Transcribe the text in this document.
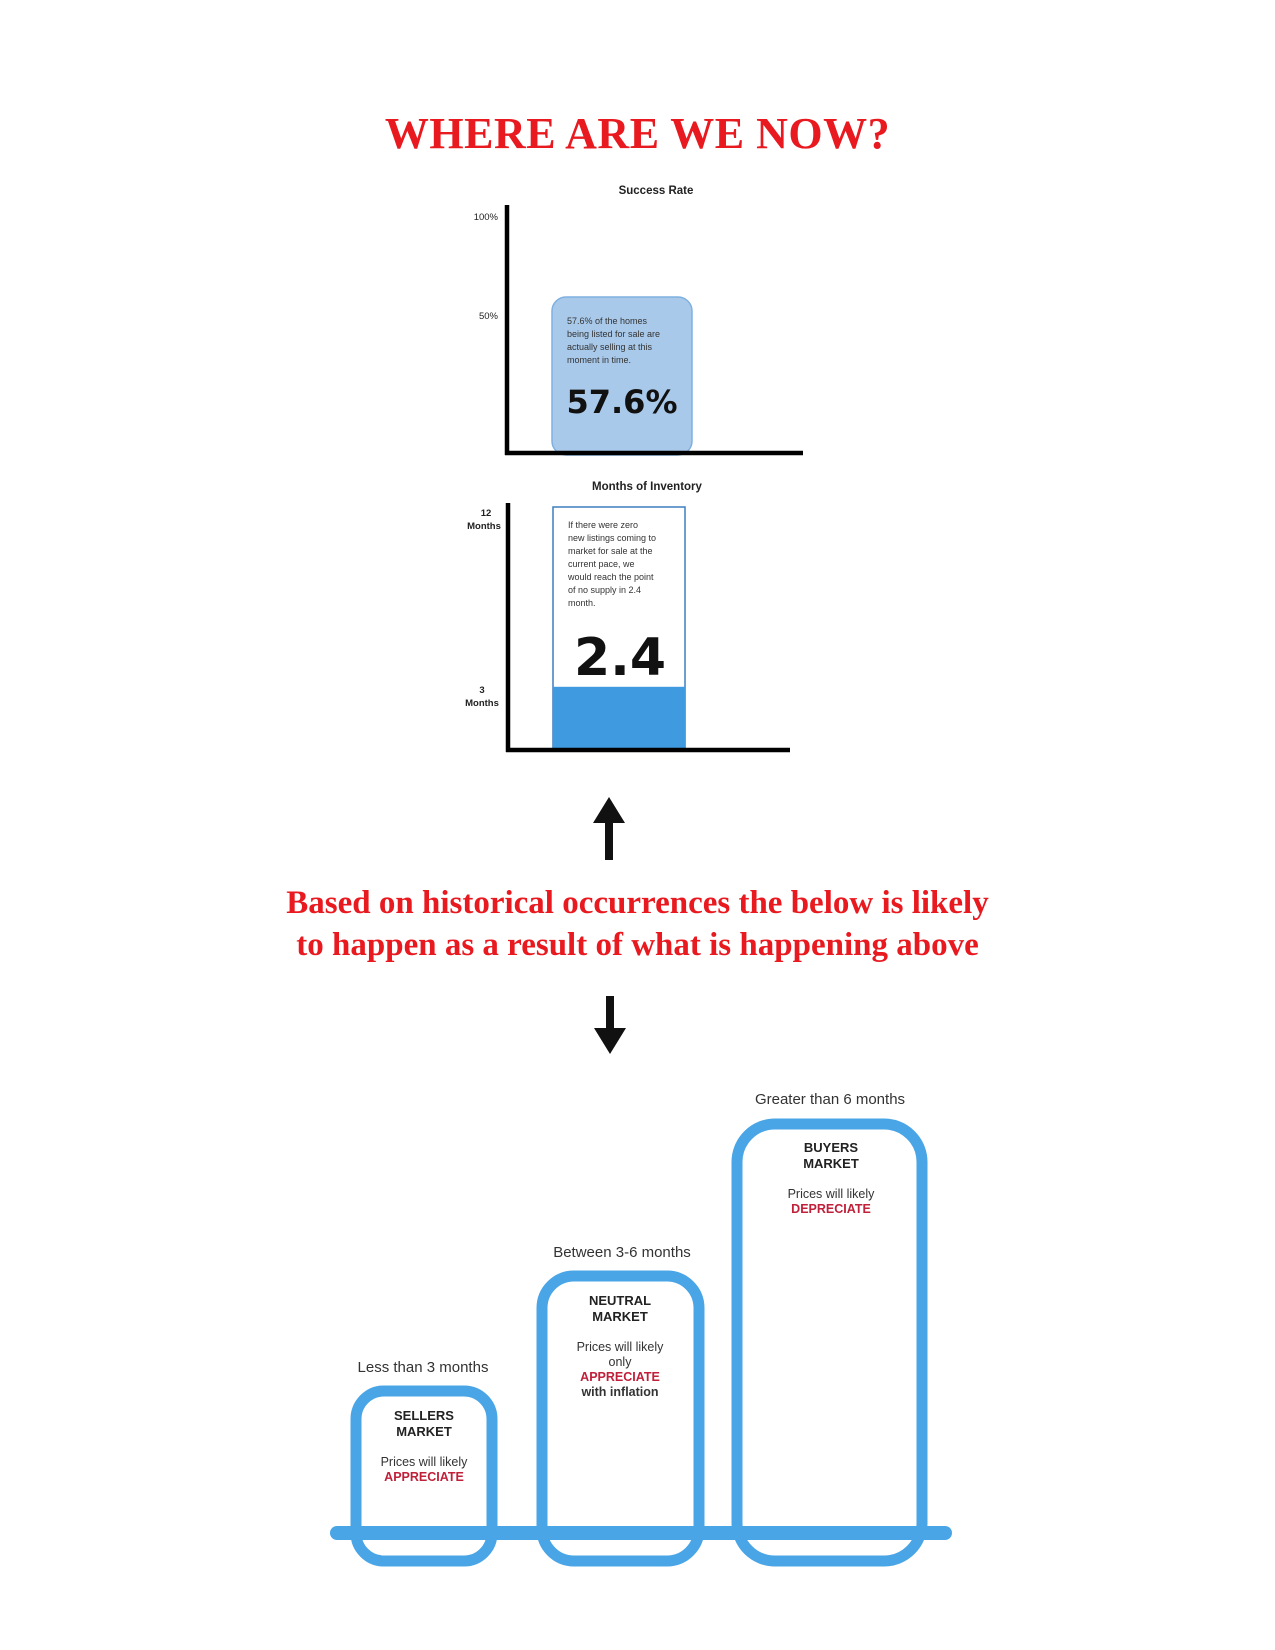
WHERE ARE WE NOW?
Success Rate
100%
50%	57.6% of the homes being listed for sale are actually selling at this moment in time.
57.6%
Months of Inventory
12
Months
3
Months
If there were zero new listings coming to market for sale at the current pace, we would reach the point of no supply in 2.4 month.
2.4
Less than 3 months
SELLERS
MARKET
Prices will likely
APPRECIATE
Between 3-6 months
NEUTRAL
MARKET
Prices will likely
only
APPRECIATE
with inflation
Greater than 6 months
BUYERS
MARKET
Prices will likely
DEPRECIATE
Based on historical occurrences the below is likely
to happen as a result of what is happening above
